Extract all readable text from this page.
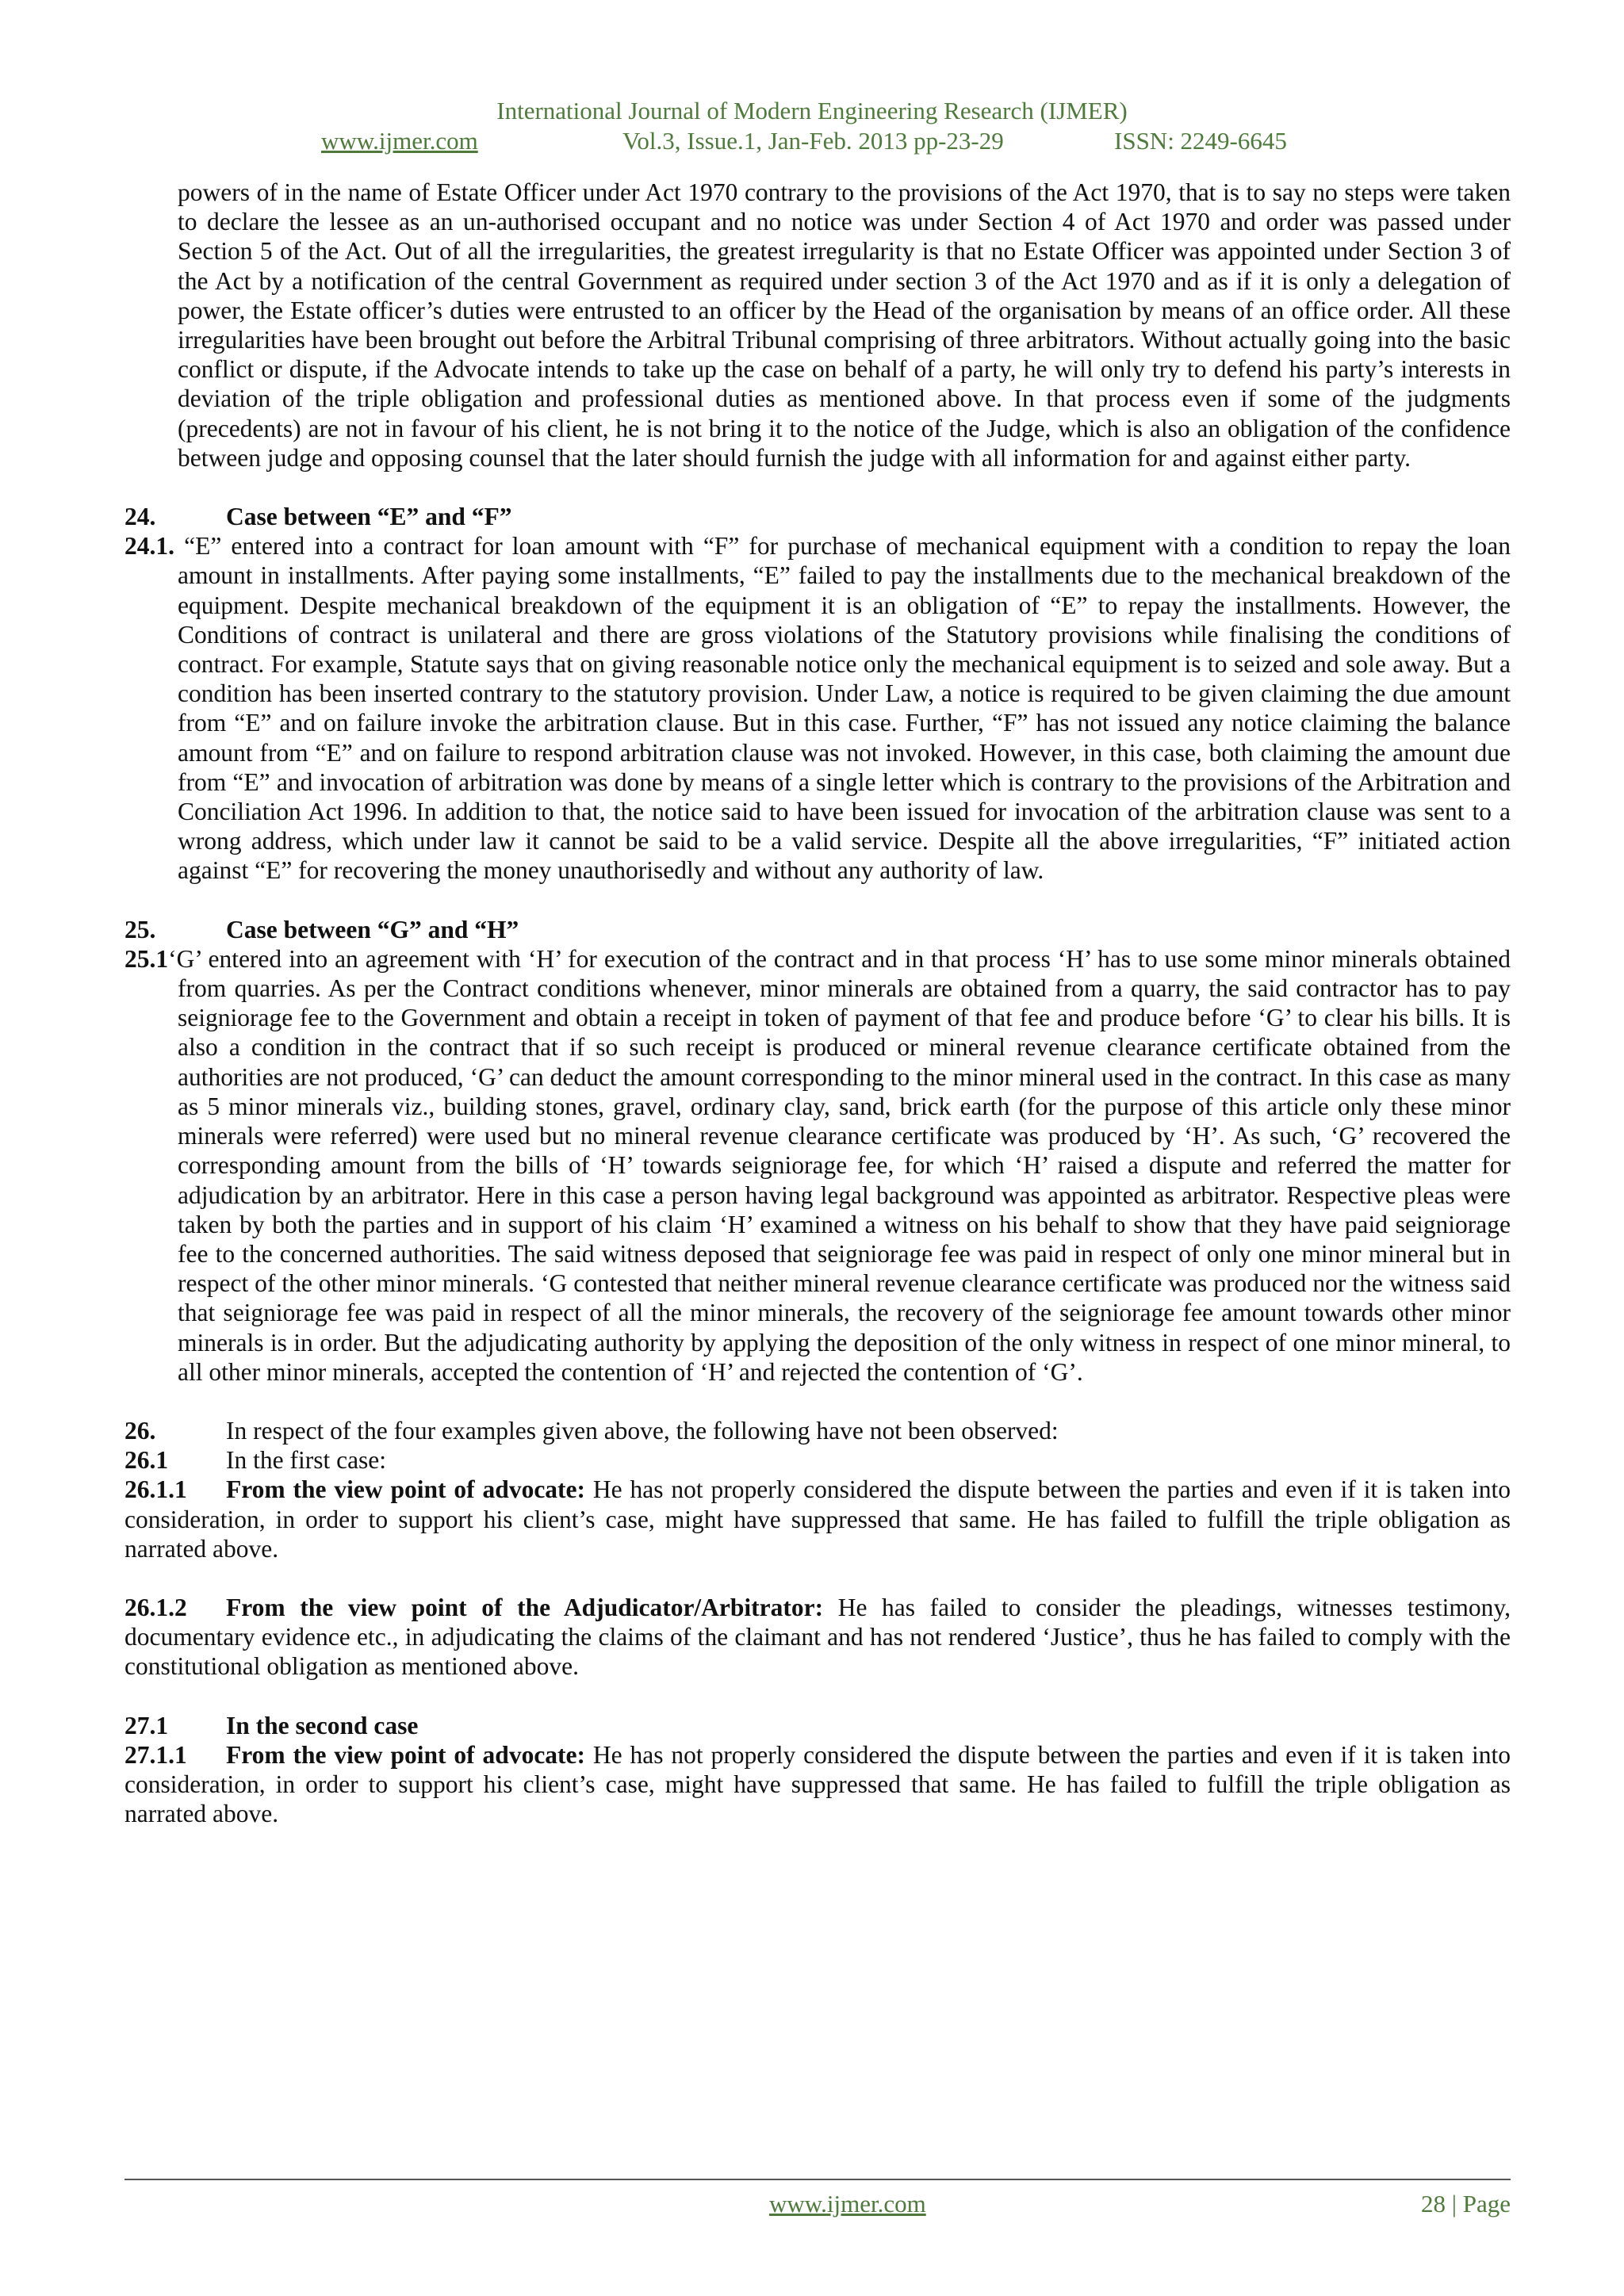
International Journal of Modern Engineering Research (IJMER)
www.ijmer.com	Vol.3, Issue.1, Jan-Feb. 2013 pp-23-29	ISSN: 2249-6645

powers of in the name of Estate Officer under Act 1970 contrary to the provisions of the Act 1970, that is to say no steps were taken to declare the lessee as an un-authorised occupant and no notice was under Section 4 of Act 1970 and order was passed under Section 5 of the Act. Out of all the irregularities, the greatest irregularity is that no Estate Officer was appointed under Section 3 of the Act by a notification of the central Government as required under section 3 of the Act 1970 and as if it is only a delegation of power, the Estate officer’s duties were entrusted to an officer by the Head of the organisation by means of an office order. All these irregularities have been brought out before the Arbitral Tribunal comprising of three arbitrators. Without actually going into the basic conflict or dispute, if the Advocate intends to take up the case on behalf of a party, he will only try to defend his party’s interests in deviation of the triple obligation and professional duties as mentioned above. In that process even if some of the judgments (precedents) are not in favour of his client, he is not bring it to the notice of the Judge, which is also an obligation of the confidence between judge and opposing counsel that the later should furnish the judge with all information for and against either party.

24.	Case between “E” and “F”

24.1. “E” entered into a contract for loan amount with “F” for purchase of mechanical equipment with a condition to repay the loan amount in installments. After paying some installments, “E” failed to pay the installments due to the mechanical breakdown of the equipment. Despite mechanical breakdown of the equipment it is an obligation of “E” to repay the installments. However, the Conditions of contract is unilateral and there are gross violations of the Statutory provisions while finalising the conditions of contract. For example, Statute says that on giving reasonable notice only the mechanical equipment is to seized and sole away. But a condition has been inserted contrary to the statutory provision. Under Law, a notice is required to be given claiming the due amount from “E” and on failure invoke the arbitration clause. But in this case. Further, “F” has not issued any notice claiming the balance amount from “E” and on failure to respond arbitration clause was not invoked. However, in this case, both claiming the amount due from “E” and invocation of arbitration was done by means of a single letter which is contrary to the provisions of the Arbitration and Conciliation Act 1996. In addition to that, the notice said to have been issued for invocation of the arbitration clause was sent to a wrong address, which under law it cannot be said to be a valid service. Despite all the above irregularities, “F” initiated action against “E” for recovering the money unauthorisedly and without any authority of law.

25.	Case between “G” and “H”

25.1‘G’ entered into an agreement with ‘H’ for execution of the contract and in that process ‘H’ has to use some minor minerals obtained from quarries. As per the Contract conditions whenever, minor minerals are obtained from a quarry, the said contractor has to pay seigniorage fee to the Government and obtain a receipt in token of payment of that fee and produce before ‘G’ to clear his bills. It is also a condition in the contract that if so such receipt is produced or mineral revenue clearance certificate obtained from the authorities are not produced, ‘G’ can deduct the amount corresponding to the minor mineral used in the contract. In this case as many as 5 minor minerals viz., building stones, gravel, ordinary clay, sand, brick earth (for the purpose of this article only these minor minerals were referred) were used but no mineral revenue clearance certificate was produced by ‘H’. As such, ‘G’ recovered the corresponding amount from the bills of ‘H’ towards seigniorage fee, for which ‘H’ raised a dispute and referred the matter for adjudication by an arbitrator. Here in this case a person having legal background was appointed as arbitrator. Respective pleas were taken by both the parties and in support of his claim ‘H’ examined a witness on his behalf to show that they have paid seigniorage fee to the concerned authorities. The said witness deposed that seigniorage fee was paid in respect of only one minor mineral but in respect of the other minor minerals. ‘G contested that neither mineral revenue clearance certificate was produced nor the witness said that seigniorage fee was paid in respect of all the minor minerals, the recovery of the seigniorage fee amount towards other minor minerals is in order. But the adjudicating authority by applying the deposition of the only witness in respect of one minor mineral, to all other minor minerals, accepted the contention of ‘H’ and rejected the contention of ‘G’.

26.	In respect of the four examples given above, the following have not been observed:
26.1	In the first case:

26.1.1 From the view point of advocate: He has not properly considered the dispute between the parties and even if it is taken into consideration, in order to support his client’s case, might have suppressed that same. He has failed to fulfill the triple obligation as narrated above.

26.1.2 From the view point of the Adjudicator/Arbitrator: He has failed to consider the pleadings, witnesses testimony, documentary evidence etc., in adjudicating the claims of the claimant and has not rendered ‘Justice’, thus he has failed to comply with the constitutional obligation as mentioned above.

27.1	In the second case

27.1.1 From the view point of advocate: He has not properly considered the dispute between the parties and even if it is taken into consideration, in order to support his client’s case, might have suppressed that same. He has failed to fulfill the triple obligation as narrated above.

www.ijmer.com	28 | Page
